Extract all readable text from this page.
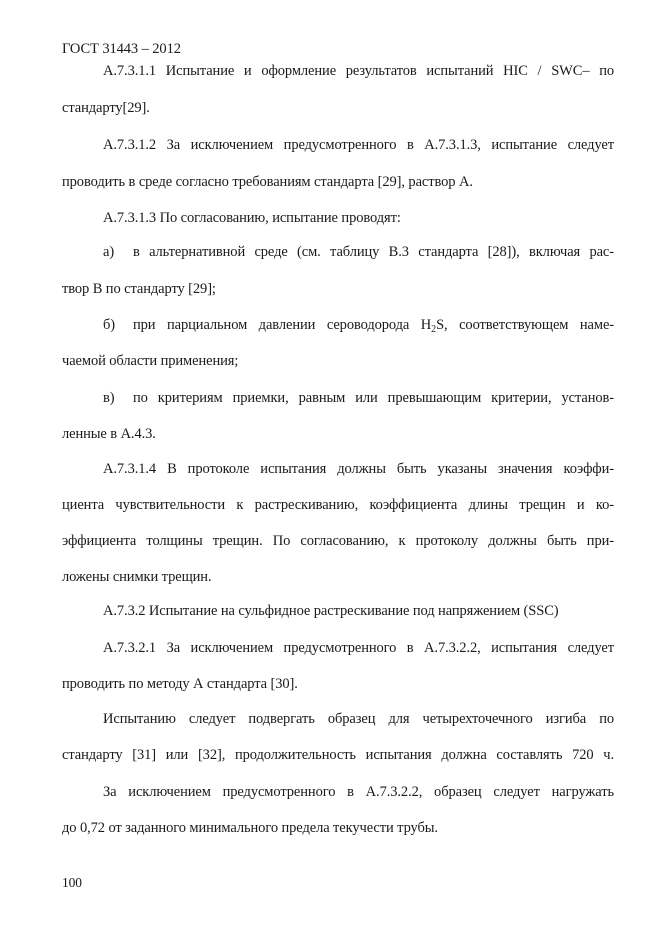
ГОСТ 31443 – 2012
А.7.3.1.1 Испытание и оформление результатов испытаний HIC / SWC– по
стандарту[29].
А.7.3.1.2 За исключением предусмотренного в А.7.3.1.3, испытание следует
проводить в среде согласно требованиям стандарта [29], раствор А.
А.7.3.1.3 По согласованию, испытание проводят:
а) в альтернативной среде (см. таблицу В.3 стандарта [28]), включая рас-
твор В по стандарту [29];
б) при парциальном давлении сероводорода $H_2S$, соответствующем наме-
чаемой области применения;
в) по критериям приемки, равным или превышающим критерии, установ-
ленные в А.4.3.
А.7.3.1.4 В протоколе испытания должны быть указаны значения коэффи-
циента чувствительности к растрескиванию, коэффициента длины трещин и ко-
эффициента толщины трещин. По согласованию, к протоколу должны быть при-
ложены снимки трещин.
А.7.3.2 Испытание на сульфидное растрескивание под напряжением (SSC)
А.7.3.2.1 За исключением предусмотренного в А.7.3.2.2, испытания следует
проводить по методу А стандарта [30].
Испытанию следует подвергать образец для четырехточечного изгиба по
стандарту [31] или [32], продолжительность испытания должна составлять 720 ч.
За исключением предусмотренного в А.7.3.2.2, образец следует нагружать
до 0,72 от заданного минимального предела текучести трубы.
100
